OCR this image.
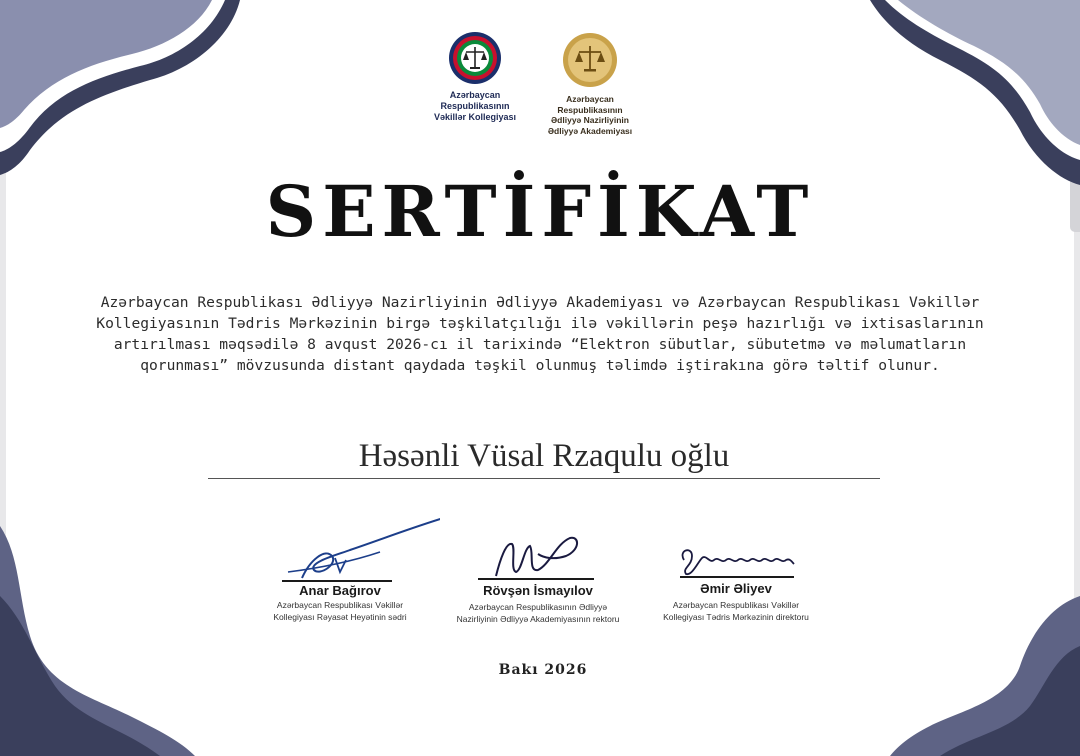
Azərbaycan
Respublikasının
Vəkillər Kollegiyası
Azərbaycan
Respublikasının
Ədliyyə Nazirliyinin
Ədliyyə Akademiyası
SERTİFİKAT
Azərbaycan Respublikası Ədliyyə Nazirliyinin Ədliyyə Akademiyası və Azərbaycan Respublikası Vəkillər
Kollegiyasının Tədris Mərkəzinin birgə təşkilatçılığı ilə vəkillərin peşə hazırlığı və ixtisaslarının
artırılması məqsədilə 8 avqust 2026-cı il tarixində “Elektron sübutlar, sübutetmə və məlumatların
qorunması” mövzusunda distant qaydada təşkil olunmuş təlimdə iştirakına görə təltif olunur.
Həsənli Vüsal Rzaqulu oğlu
Anar Bağırov
Azərbaycan Respublikası Vəkillər
Kollegiyası Rəyasət Heyətinin sədri
Rövşən İsmayılov
Azərbaycan Respublikasının Ədliyyə
Nazirliyinin Ədliyyə Akademiyasının rektoru
Əmir Əliyev
Azərbaycan Respublikası Vəkillər
Kollegiyası Tədris Mərkəzinin direktoru
Bakı 2026
